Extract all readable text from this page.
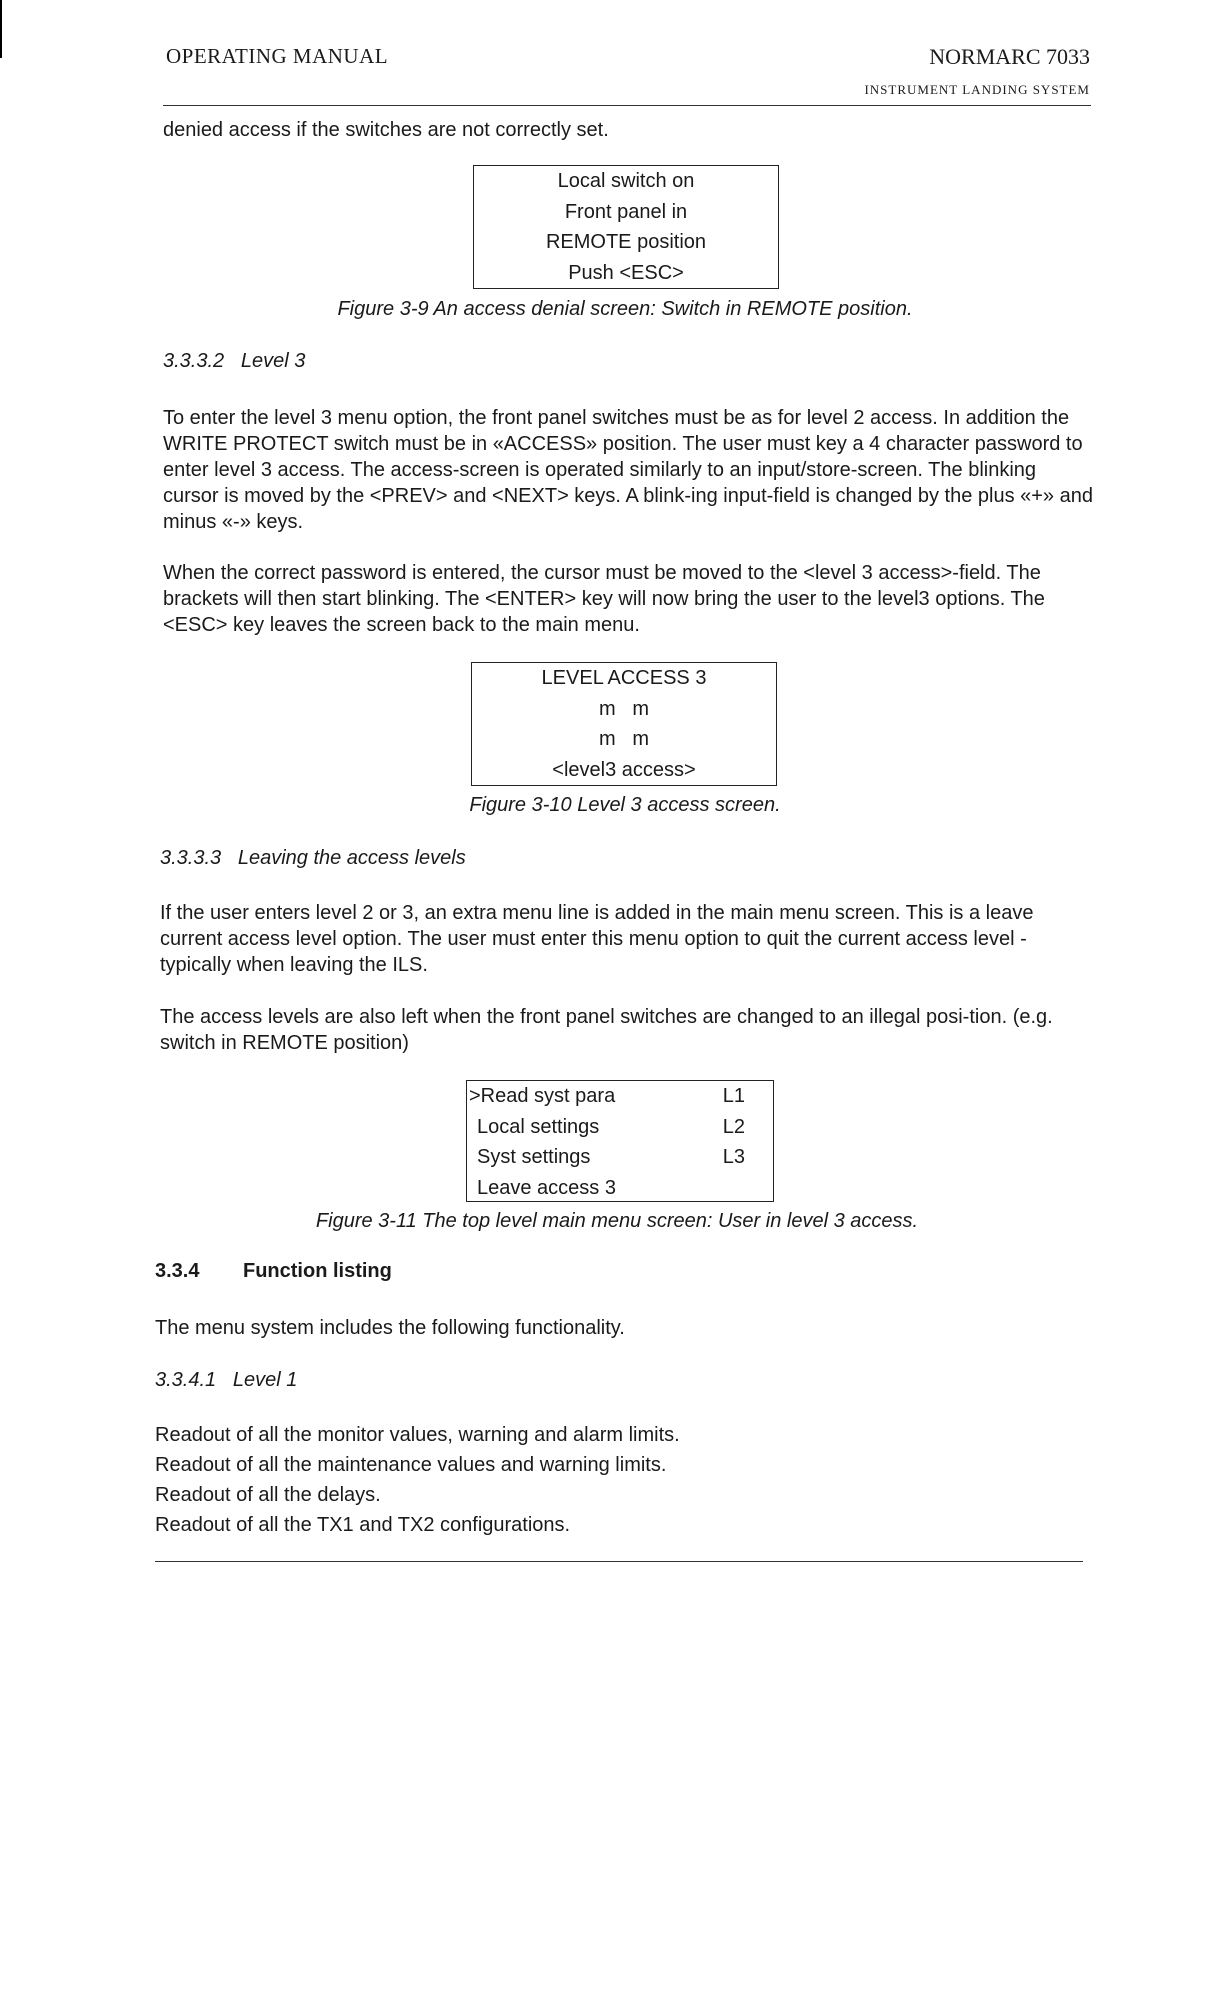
OPERATING MANUAL	NORMARC 7033
INSTRUMENT LANDING SYSTEM
denied access if the switches are not correctly set.
Local switch on
Front panel in
REMOTE position
Push <ESC>
Figure 3-9 An access denial screen: Switch in REMOTE position.
3.3.3.2   Level 3
To enter the level 3 menu option, the front panel switches must be as for level 2 access. In addition the WRITE PROTECT switch must be in «ACCESS» position. The user must key a 4 character password to enter level 3 access. The access-screen is operated similarly to an input/store-screen. The blinking cursor is moved by the <PREV> and <NEXT> keys. A blink-ing input-field is changed by the plus «+» and minus «-» keys.
When the correct password is entered, the cursor must be moved to the <level 3 access>-field. The brackets will then start blinking. The <ENTER> key will now bring the user to the level3 options. The <ESC> key leaves the screen back to the main menu.
LEVEL ACCESS 3
m   m
m   m
<level3 access>
Figure 3-10 Level 3 access screen.
3.3.3.3   Leaving the access levels
If the user enters level 2 or 3, an extra menu line is added in the main menu screen. This is a leave current access level option. The user must enter this menu option to quit the current access level - typically when leaving the ILS.
The access levels are also left when the front panel switches are changed to an illegal posi-tion. (e.g. switch in REMOTE position)
>Read syst para	L1
Local settings	L2
Syst settings	L3
Leave access 3
Figure 3-11 The top level main menu screen: User in level 3 access.
3.3.4 Function listing
The menu system includes the following functionality.
3.3.4.1   Level 1
Readout of all the monitor values, warning and alarm limits.
Readout of all the maintenance values and warning limits.
Readout of all the delays.
Readout of all the TX1 and TX2 configurations.
